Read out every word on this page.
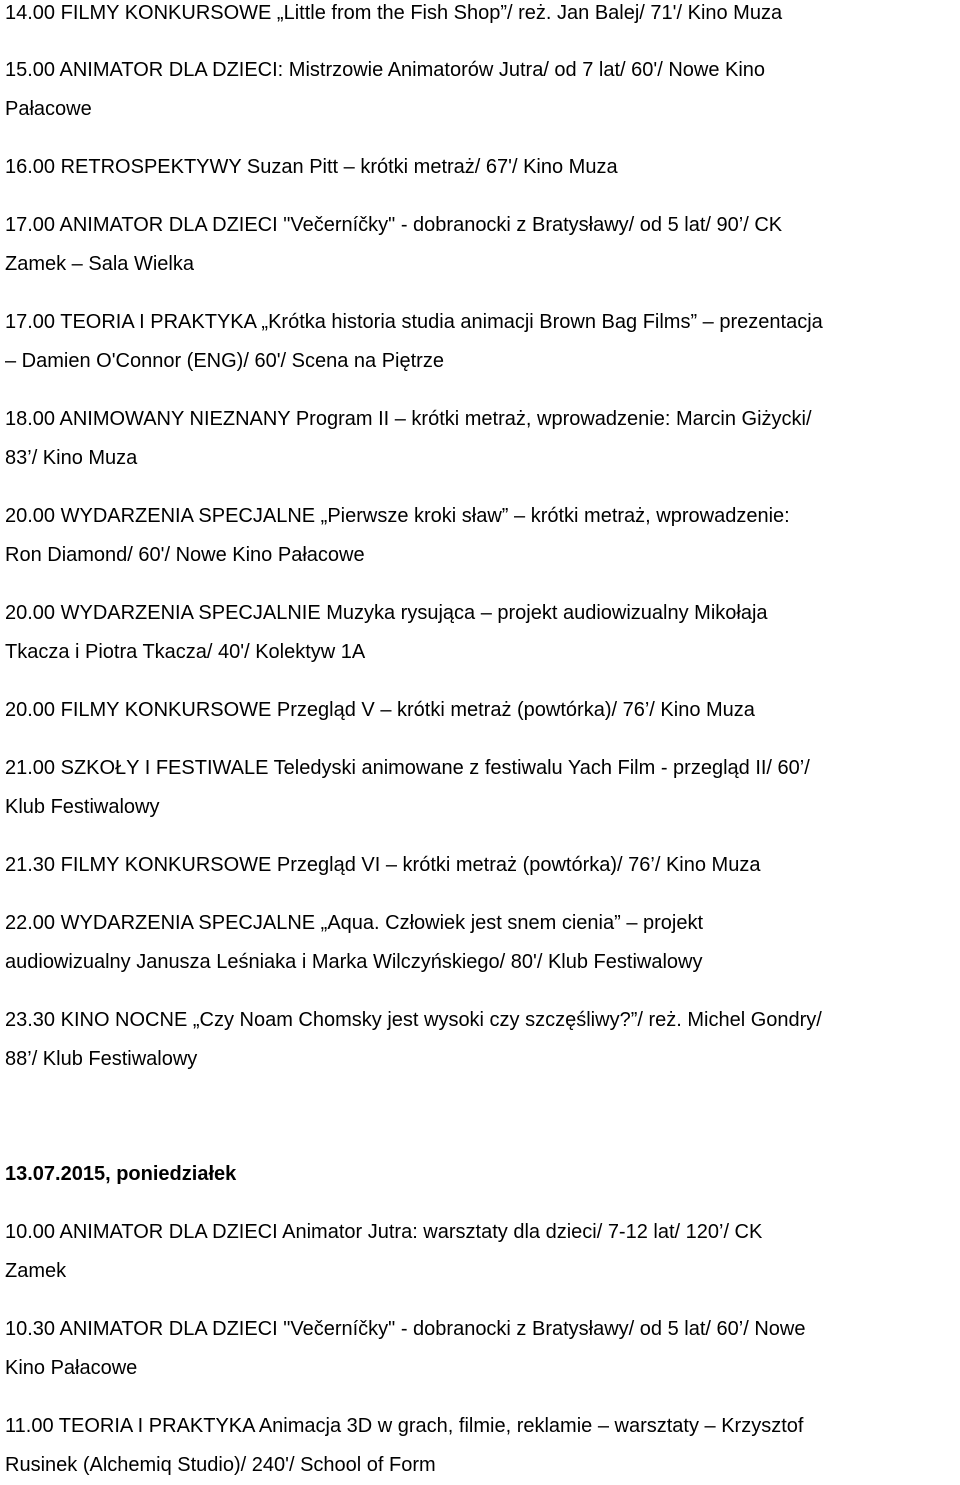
14.00 FILMY KONKURSOWE „Little from the Fish Shop”/ reż. Jan Balej/ 71'/ Kino Muza
15.00 ANIMATOR DLA DZIECI: Mistrzowie Animatorów Jutra/ od 7 lat/ 60'/ Nowe Kino
Pałacowe
16.00 RETROSPEKTYWY Suzan Pitt – krótki metraż/ 67'/ Kino Muza
17.00 ANIMATOR DLA DZIECI "Večerníčky" - dobranocki z Bratysławy/ od 5 lat/ 90’/ CK
Zamek – Sala Wielka
17.00 TEORIA I PRAKTYKA „Krótka historia studia animacji Brown Bag Films” – prezentacja
– Damien O'Connor (ENG)/ 60'/ Scena na Piętrze
18.00 ANIMOWANY NIEZNANY Program II – krótki metraż, wprowadzenie: Marcin Giżycki/
83’/ Kino Muza
20.00 WYDARZENIA SPECJALNE „Pierwsze kroki sław” – krótki metraż, wprowadzenie:
Ron Diamond/ 60'/ Nowe Kino Pałacowe
20.00 WYDARZENIA SPECJALNIE Muzyka rysująca – projekt audiowizualny Mikołaja
Tkacza i Piotra Tkacza/ 40'/ Kolektyw 1A
20.00 FILMY KONKURSOWE Przegląd V – krótki metraż (powtórka)/ 76’/ Kino Muza
21.00 SZKOŁY I FESTIWALE Teledyski animowane z festiwalu Yach Film - przegląd II/ 60’/
Klub Festiwalowy
21.30 FILMY KONKURSOWE Przegląd VI – krótki metraż (powtórka)/ 76’/ Kino Muza
22.00 WYDARZENIA SPECJALNE „Aqua. Człowiek jest snem cienia” – projekt
audiowizualny Janusza Leśniaka i Marka Wilczyńskiego/ 80'/ Klub Festiwalowy
23.30 KINO NOCNE „Czy Noam Chomsky jest wysoki czy szczęśliwy?”/ reż. Michel Gondry/
88’/ Klub Festiwalowy
13.07.2015, poniedziałek
10.00 ANIMATOR DLA DZIECI Animator Jutra: warsztaty dla dzieci/ 7-12 lat/ 120’/ CK
Zamek
10.30 ANIMATOR DLA DZIECI "Večerníčky" - dobranocki z Bratysławy/ od 5 lat/ 60’/ Nowe
Kino Pałacowe
11.00 TEORIA I PRAKTYKA Animacja 3D w grach, filmie, reklamie – warsztaty – Krzysztof
Rusinek (Alchemiq Studio)/ 240'/ School of Form
